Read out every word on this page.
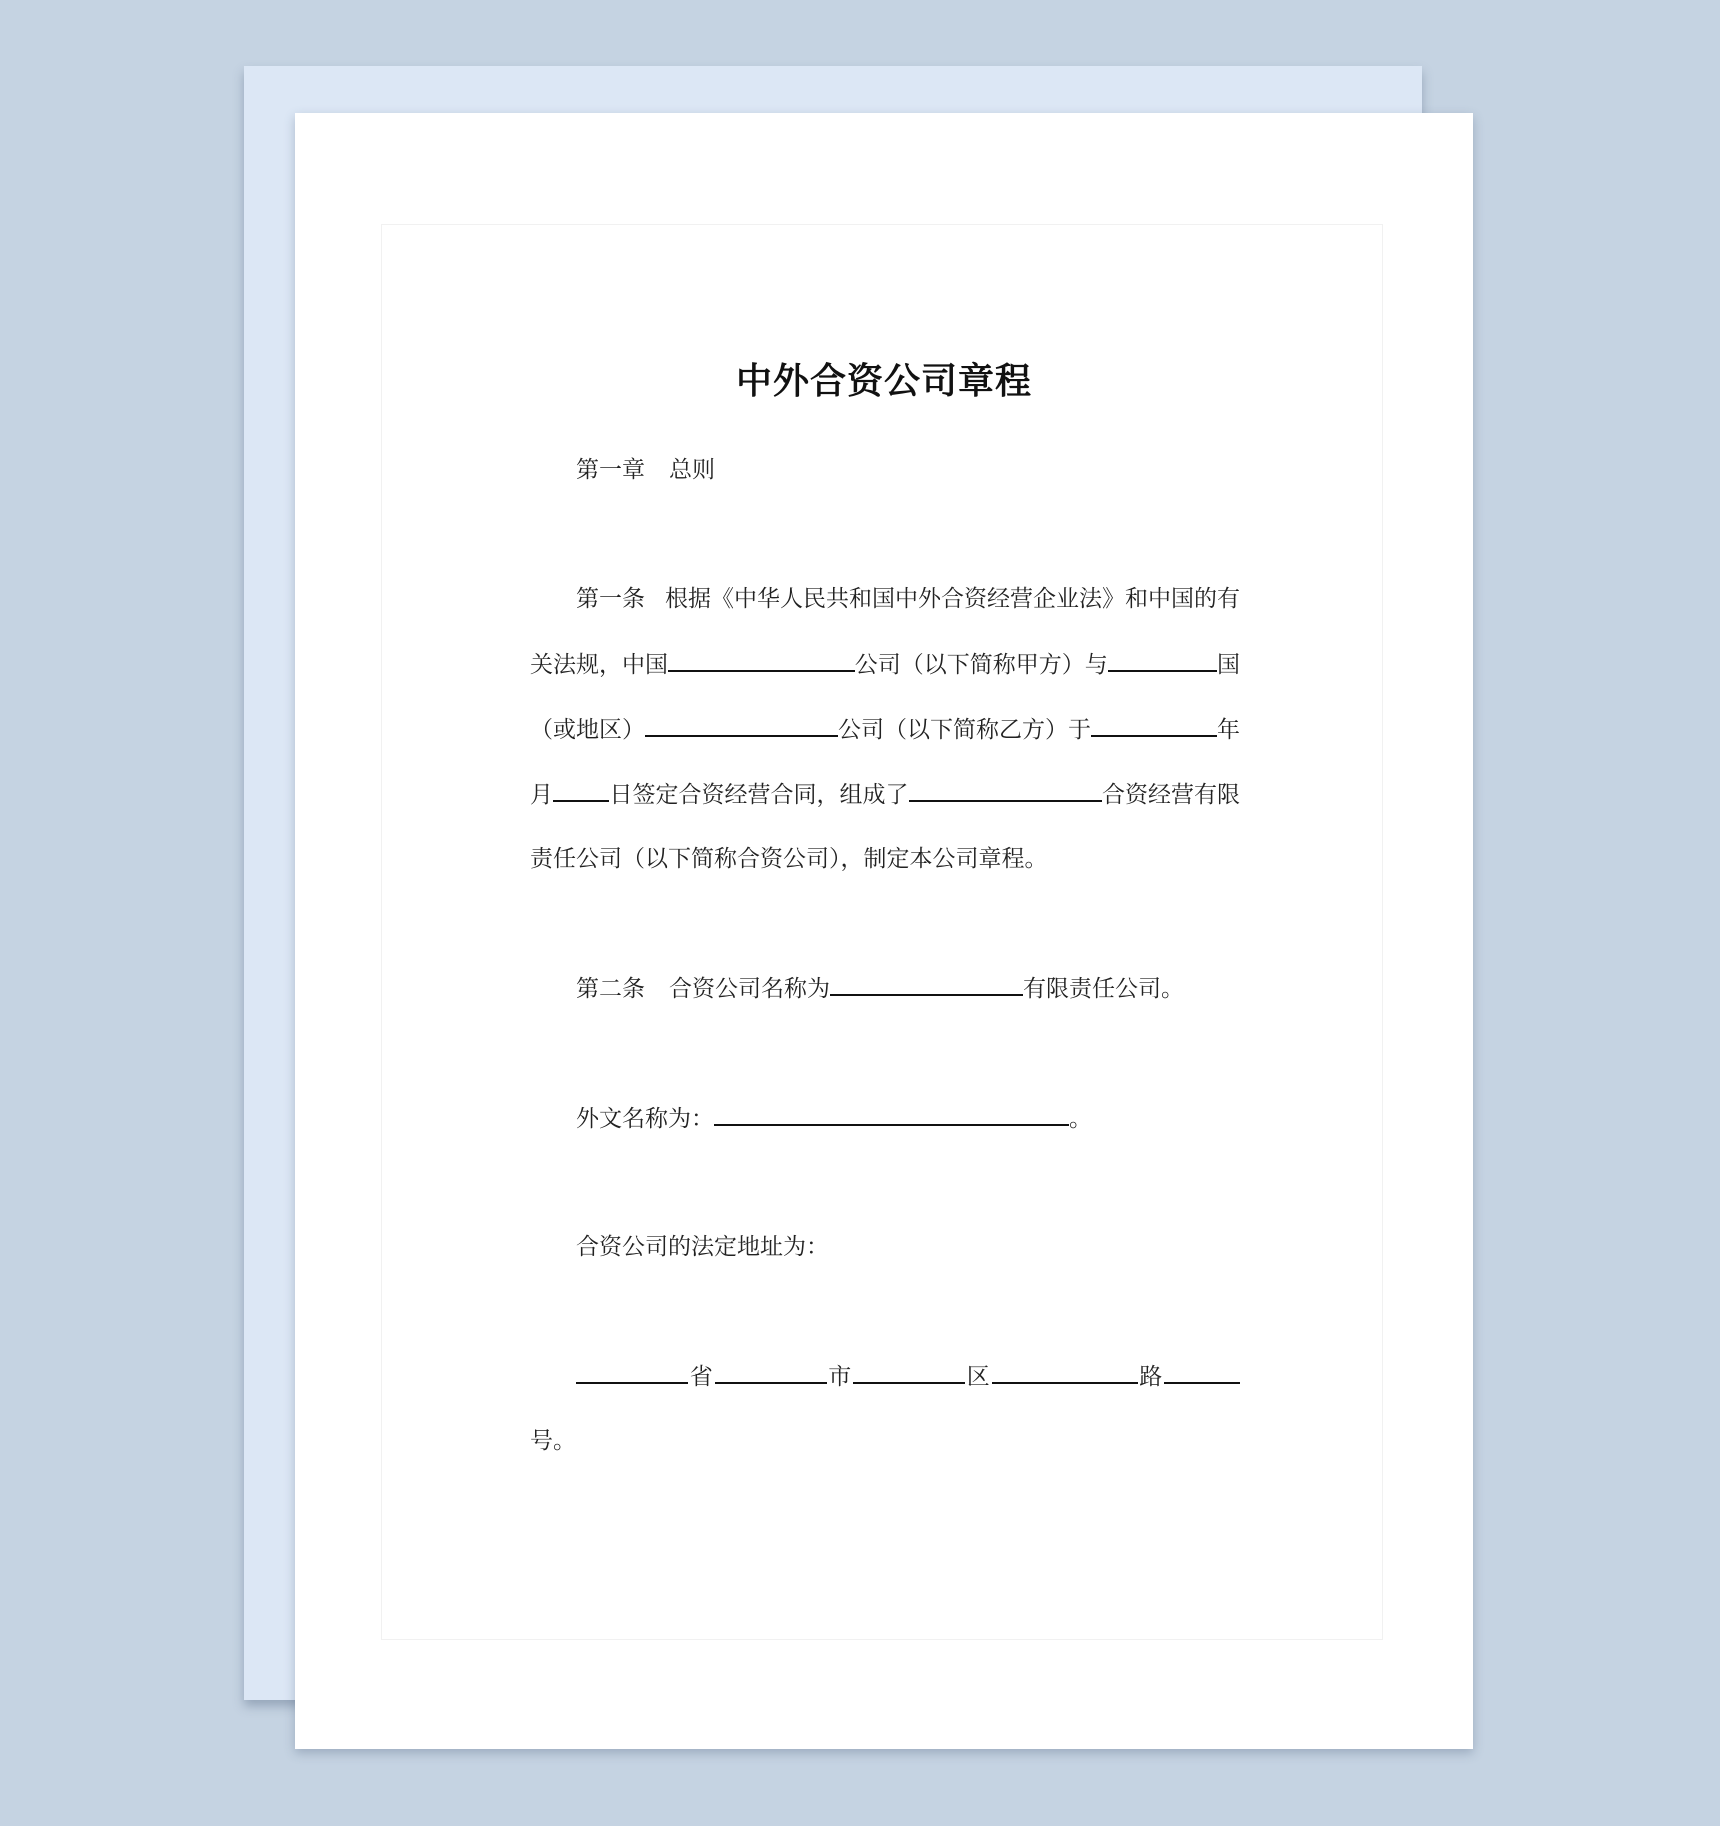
中外合资公司章程
第一章 总则
第一条 根据《中华人民共和国中外合资经营企业法》和中国的有
关法规，中国	公司（以下简称甲方）与	国
（或地区）	公司（以下简称乙方）于	年
月 日签定合资经营合同，组成了	合资经营有限
责任公司（以下简称合资公司），制定本公司章程。
第二条 合资公司名称为	有限责任公司。
外文名称为：	。
合资公司的法定地址为：
省	市	区	路
号。
